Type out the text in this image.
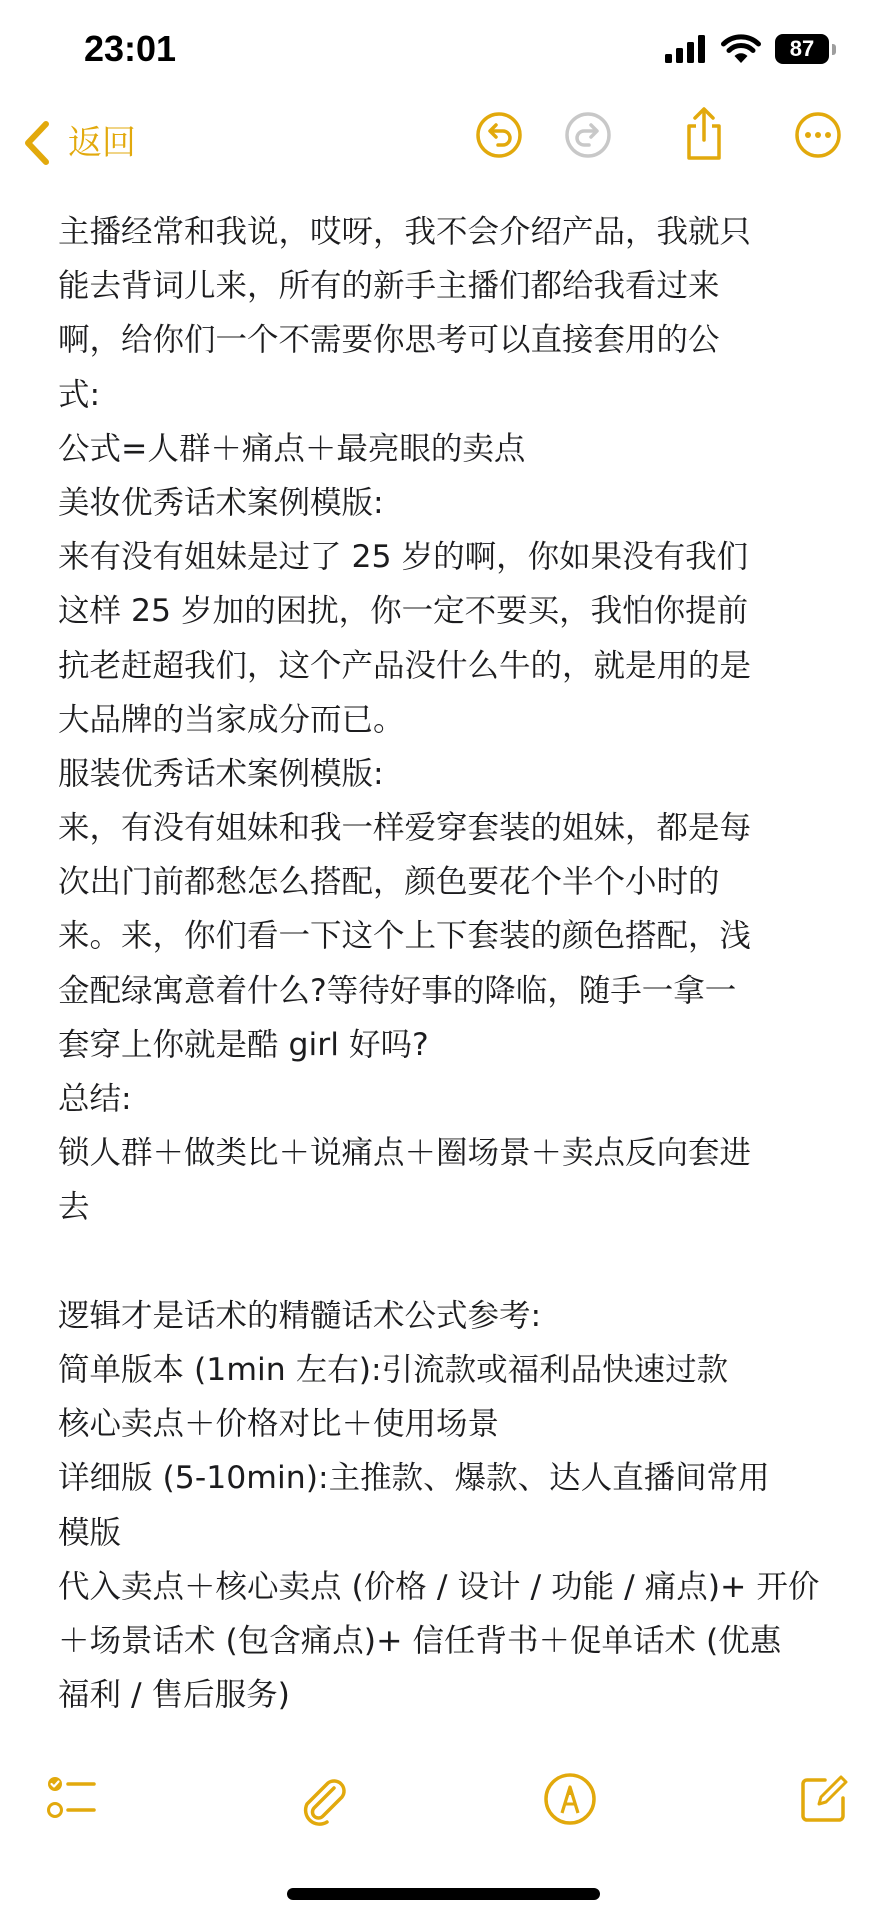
23:01	87
返回
主播经常和我说，哎呀，我不会介绍产品，我就只
能去背词儿来，所有的新手主播们都给我看过来
啊，给你们一个不需要你思考可以直接套用的公
式:
公式=人群＋痛点＋最亮眼的卖点
美妆优秀话术案例模版:
来有没有姐妹是过了 25 岁的啊，你如果没有我们
这样 25 岁加的困扰，你一定不要买，我怕你提前
抗老赶超我们，这个产品没什么牛的，就是用的是
大品牌的当家成分而已。
服装优秀话术案例模版:
来，有没有姐妹和我一样爱穿套装的姐妹，都是每
次出门前都愁怎么搭配，颜色要花个半个小时的
来。来，你们看一下这个上下套装的颜色搭配，浅
金配绿寓意着什么?等待好事的降临，随手一拿一
套穿上你就是酷 girl 好吗?
总结:
锁人群＋做类比＋说痛点＋圈场景＋卖点反向套进
去
逻辑才是话术的精髓话术公式参考:
简单版本 (1min 左右):引流款或福利品快速过款
核心卖点＋价格对比＋使用场景
详细版 (5-10min):主推款、爆款、达人直播间常用
模版
代入卖点＋核心卖点 (价格 / 设计 / 功能 / 痛点)+ 开价
＋场景话术 (包含痛点)+ 信任背书＋促单话术 (优惠
福利 / 售后服务)
